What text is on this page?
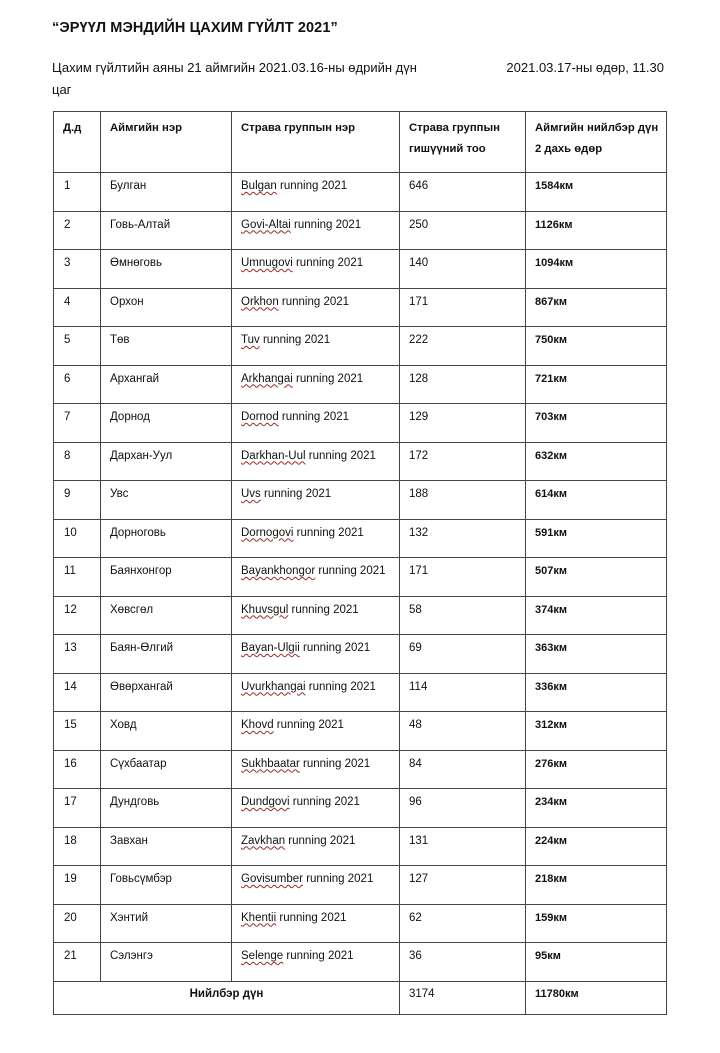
“ЭРҮҮЛ МЭНДИЙН ЦАХИМ ГҮЙЛТ 2021”
Цахим гүйлтийн аяны 21 аймгийн 2021.03.16-ны өдрийн дүн	2021.03.17-ны өдөр, 11.30
цаг
Д.д	Аймгийн нэр	Страва группын нэр	Страва группын гишүүний тоо	Аймгийн нийлбэр дүн 2 дахь өдөр
1	Булган	Bulgan running 2021	646	1584км
2	Говь-Алтай	Govi-Altai running 2021	250	1126км
3	Өмнөговь	Umnugovi running 2021	140	1094км
4	Орхон	Orkhon running 2021	171	867км
5	Төв	Tuv running 2021	222	750км
6	Архангай	Arkhangai running 2021	128	721км
7	Дорнод	Dornod running 2021	129	703км
8	Дархан-Уул	Darkhan-Uul running 2021	172	632км
9	Увс	Uvs running 2021	188	614км
10	Дорноговь	Dornogovi running 2021	132	591км
11	Баянхонгор	Bayankhongor running 2021	171	507км
12	Хөвсгөл	Khuvsgul running 2021	58	374км
13	Баян-Өлгий	Bayan-Ulgii running 2021	69	363км
14	Өвөрхангай	Uvurkhangai running 2021	114	336км
15	Ховд	Khovd running 2021	48	312км
16	Сүхбаатар	Sukhbaatar running 2021	84	276км
17	Дундговь	Dundgovi running 2021	96	234км
18	Завхан	Zavkhan running 2021	131	224км
19	Говьсүмбэр	Govisumber running 2021	127	218км
20	Хэнтий	Khentii running 2021	62	159км
21	Сэлэнгэ	Selenge running 2021	36	95км
Нийлбэр дүн			3174	11780км
